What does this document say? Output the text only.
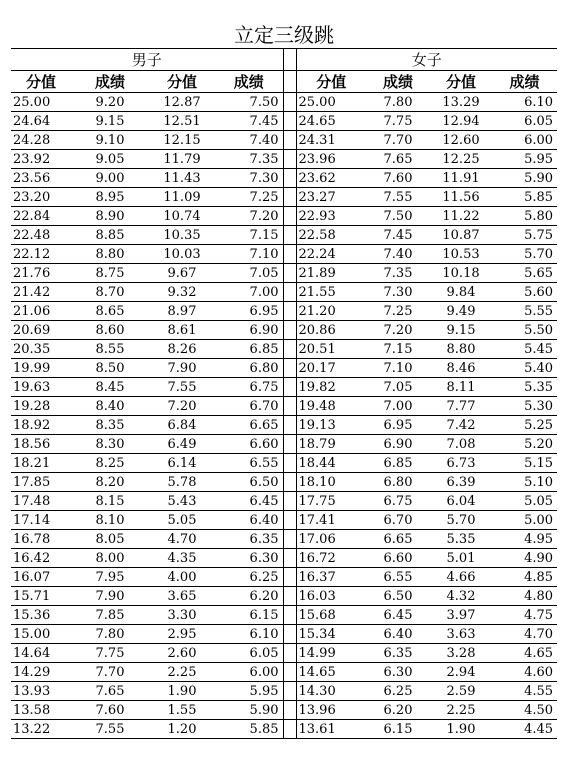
立定三级跳								
男子					女子			
分值	成绩	分值	成绩		分值	成绩	分值	成绩
25.00	9.20	12.87	7.50		25.00	7.80	13.29	6.10
24.64	9.15	12.51	7.45		24.65	7.75	12.94	6.05
24.28	9.10	12.15	7.40		24.31	7.70	12.60	6.00
23.92	9.05	11.79	7.35		23.96	7.65	12.25	5.95
23.56	9.00	11.43	7.30		23.62	7.60	11.91	5.90
23.20	8.95	11.09	7.25		23.27	7.55	11.56	5.85
22.84	8.90	10.74	7.20		22.93	7.50	11.22	5.80
22.48	8.85	10.35	7.15		22.58	7.45	10.87	5.75
22.12	8.80	10.03	7.10		22.24	7.40	10.53	5.70
21.76	8.75	9.67	7.05		21.89	7.35	10.18	5.65
21.42	8.70	9.32	7.00		21.55	7.30	9.84	5.60
21.06	8.65	8.97	6.95		21.20	7.25	9.49	5.55
20.69	8.60	8.61	6.90		20.86	7.20	9.15	5.50
20.35	8.55	8.26	6.85		20.51	7.15	8.80	5.45
19.99	8.50	7.90	6.80		20.17	7.10	8.46	5.40
19.63	8.45	7.55	6.75		19.82	7.05	8.11	5.35
19.28	8.40	7.20	6.70		19.48	7.00	7.77	5.30
18.92	8.35	6.84	6.65		19.13	6.95	7.42	5.25
18.56	8.30	6.49	6.60		18.79	6.90	7.08	5.20
18.21	8.25	6.14	6.55		18.44	6.85	6.73	5.15
17.85	8.20	5.78	6.50		18.10	6.80	6.39	5.10
17.48	8.15	5.43	6.45		17.75	6.75	6.04	5.05
17.14	8.10	5.05	6.40		17.41	6.70	5.70	5.00
16.78	8.05	4.70	6.35		17.06	6.65	5.35	4.95
16.42	8.00	4.35	6.30		16.72	6.60	5.01	4.90
16.07	7.95	4.00	6.25		16.37	6.55	4.66	4.85
15.71	7.90	3.65	6.20		16.03	6.50	4.32	4.80
15.36	7.85	3.30	6.15		15.68	6.45	3.97	4.75
15.00	7.80	2.95	6.10		15.34	6.40	3.63	4.70
14.64	7.75	2.60	6.05		14.99	6.35	3.28	4.65
14.29	7.70	2.25	6.00		14.65	6.30	2.94	4.60
13.93	7.65	1.90	5.95		14.30	6.25	2.59	4.55
13.58	7.60	1.55	5.90		13.96	6.20	2.25	4.50
13.22	7.55	1.20	5.85		13.61	6.15	1.90	4.45
